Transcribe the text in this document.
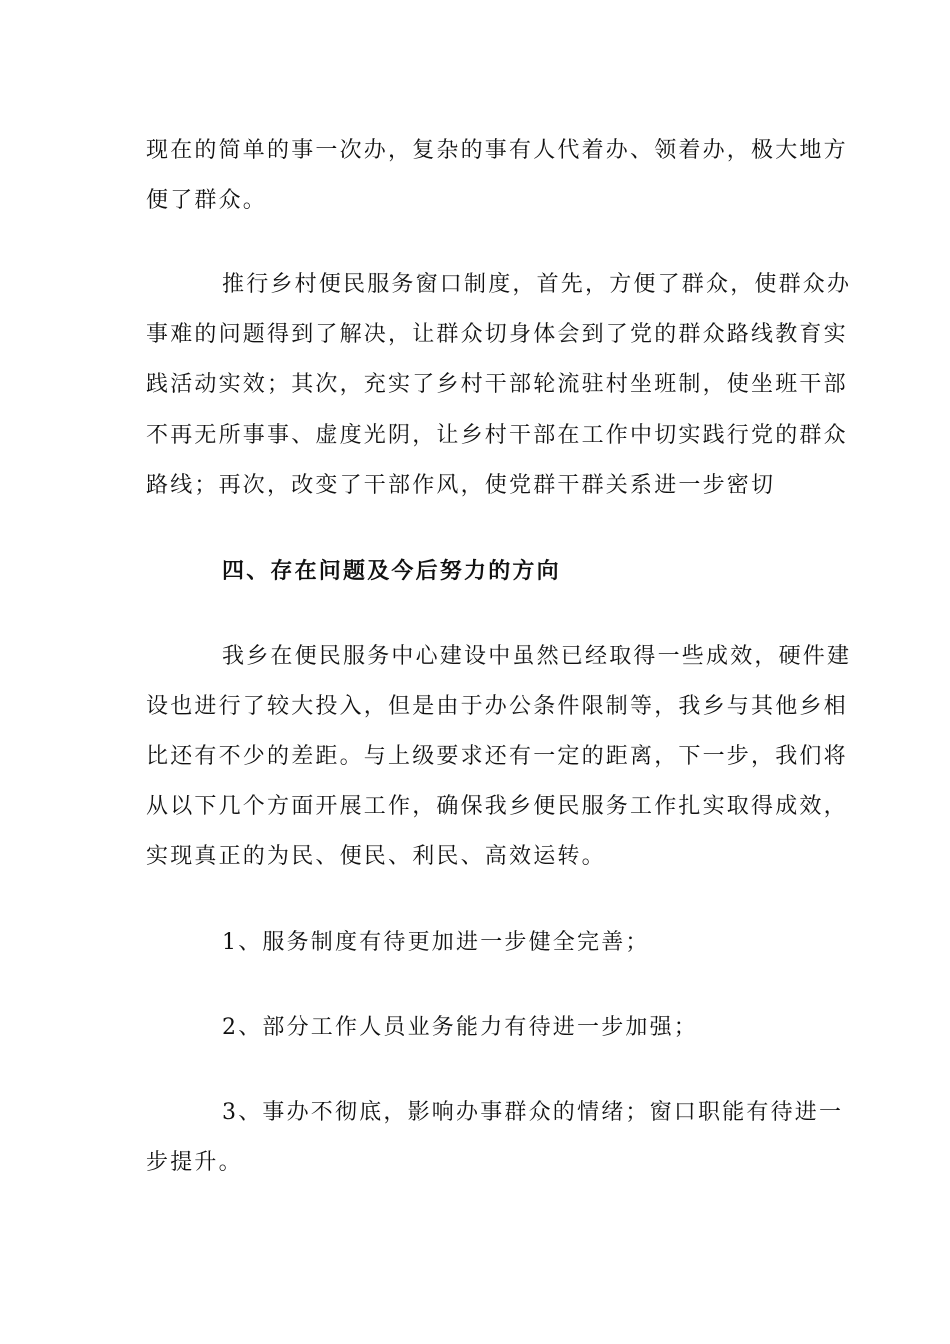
现在的简单的事一次办，复杂的事有人代着办、领着办，极大地方
便了群众。
推行乡村便民服务窗口制度，首先，方便了群众，使群众办
事难的问题得到了解决，让群众切身体会到了党的群众路线教育实
践活动实效；其次，充实了乡村干部轮流驻村坐班制，使坐班干部
不再无所事事、虚度光阴，让乡村干部在工作中切实践行党的群众
路线；再次，改变了干部作风，使党群干群关系进一步密切
四、存在问题及今后努力的方向
我乡在便民服务中心建设中虽然已经取得一些成效，硬件建
设也进行了较大投入，但是由于办公条件限制等，我乡与其他乡相
比还有不少的差距。与上级要求还有一定的距离，下一步，我们将
从以下几个方面开展工作，确保我乡便民服务工作扎实取得成效，
实现真正的为民、便民、利民、高效运转。
1、服务制度有待更加进一步健全完善；
2、部分工作人员业务能力有待进一步加强；
3、事办不彻底，影响办事群众的情绪；窗口职能有待进一
步提升。
